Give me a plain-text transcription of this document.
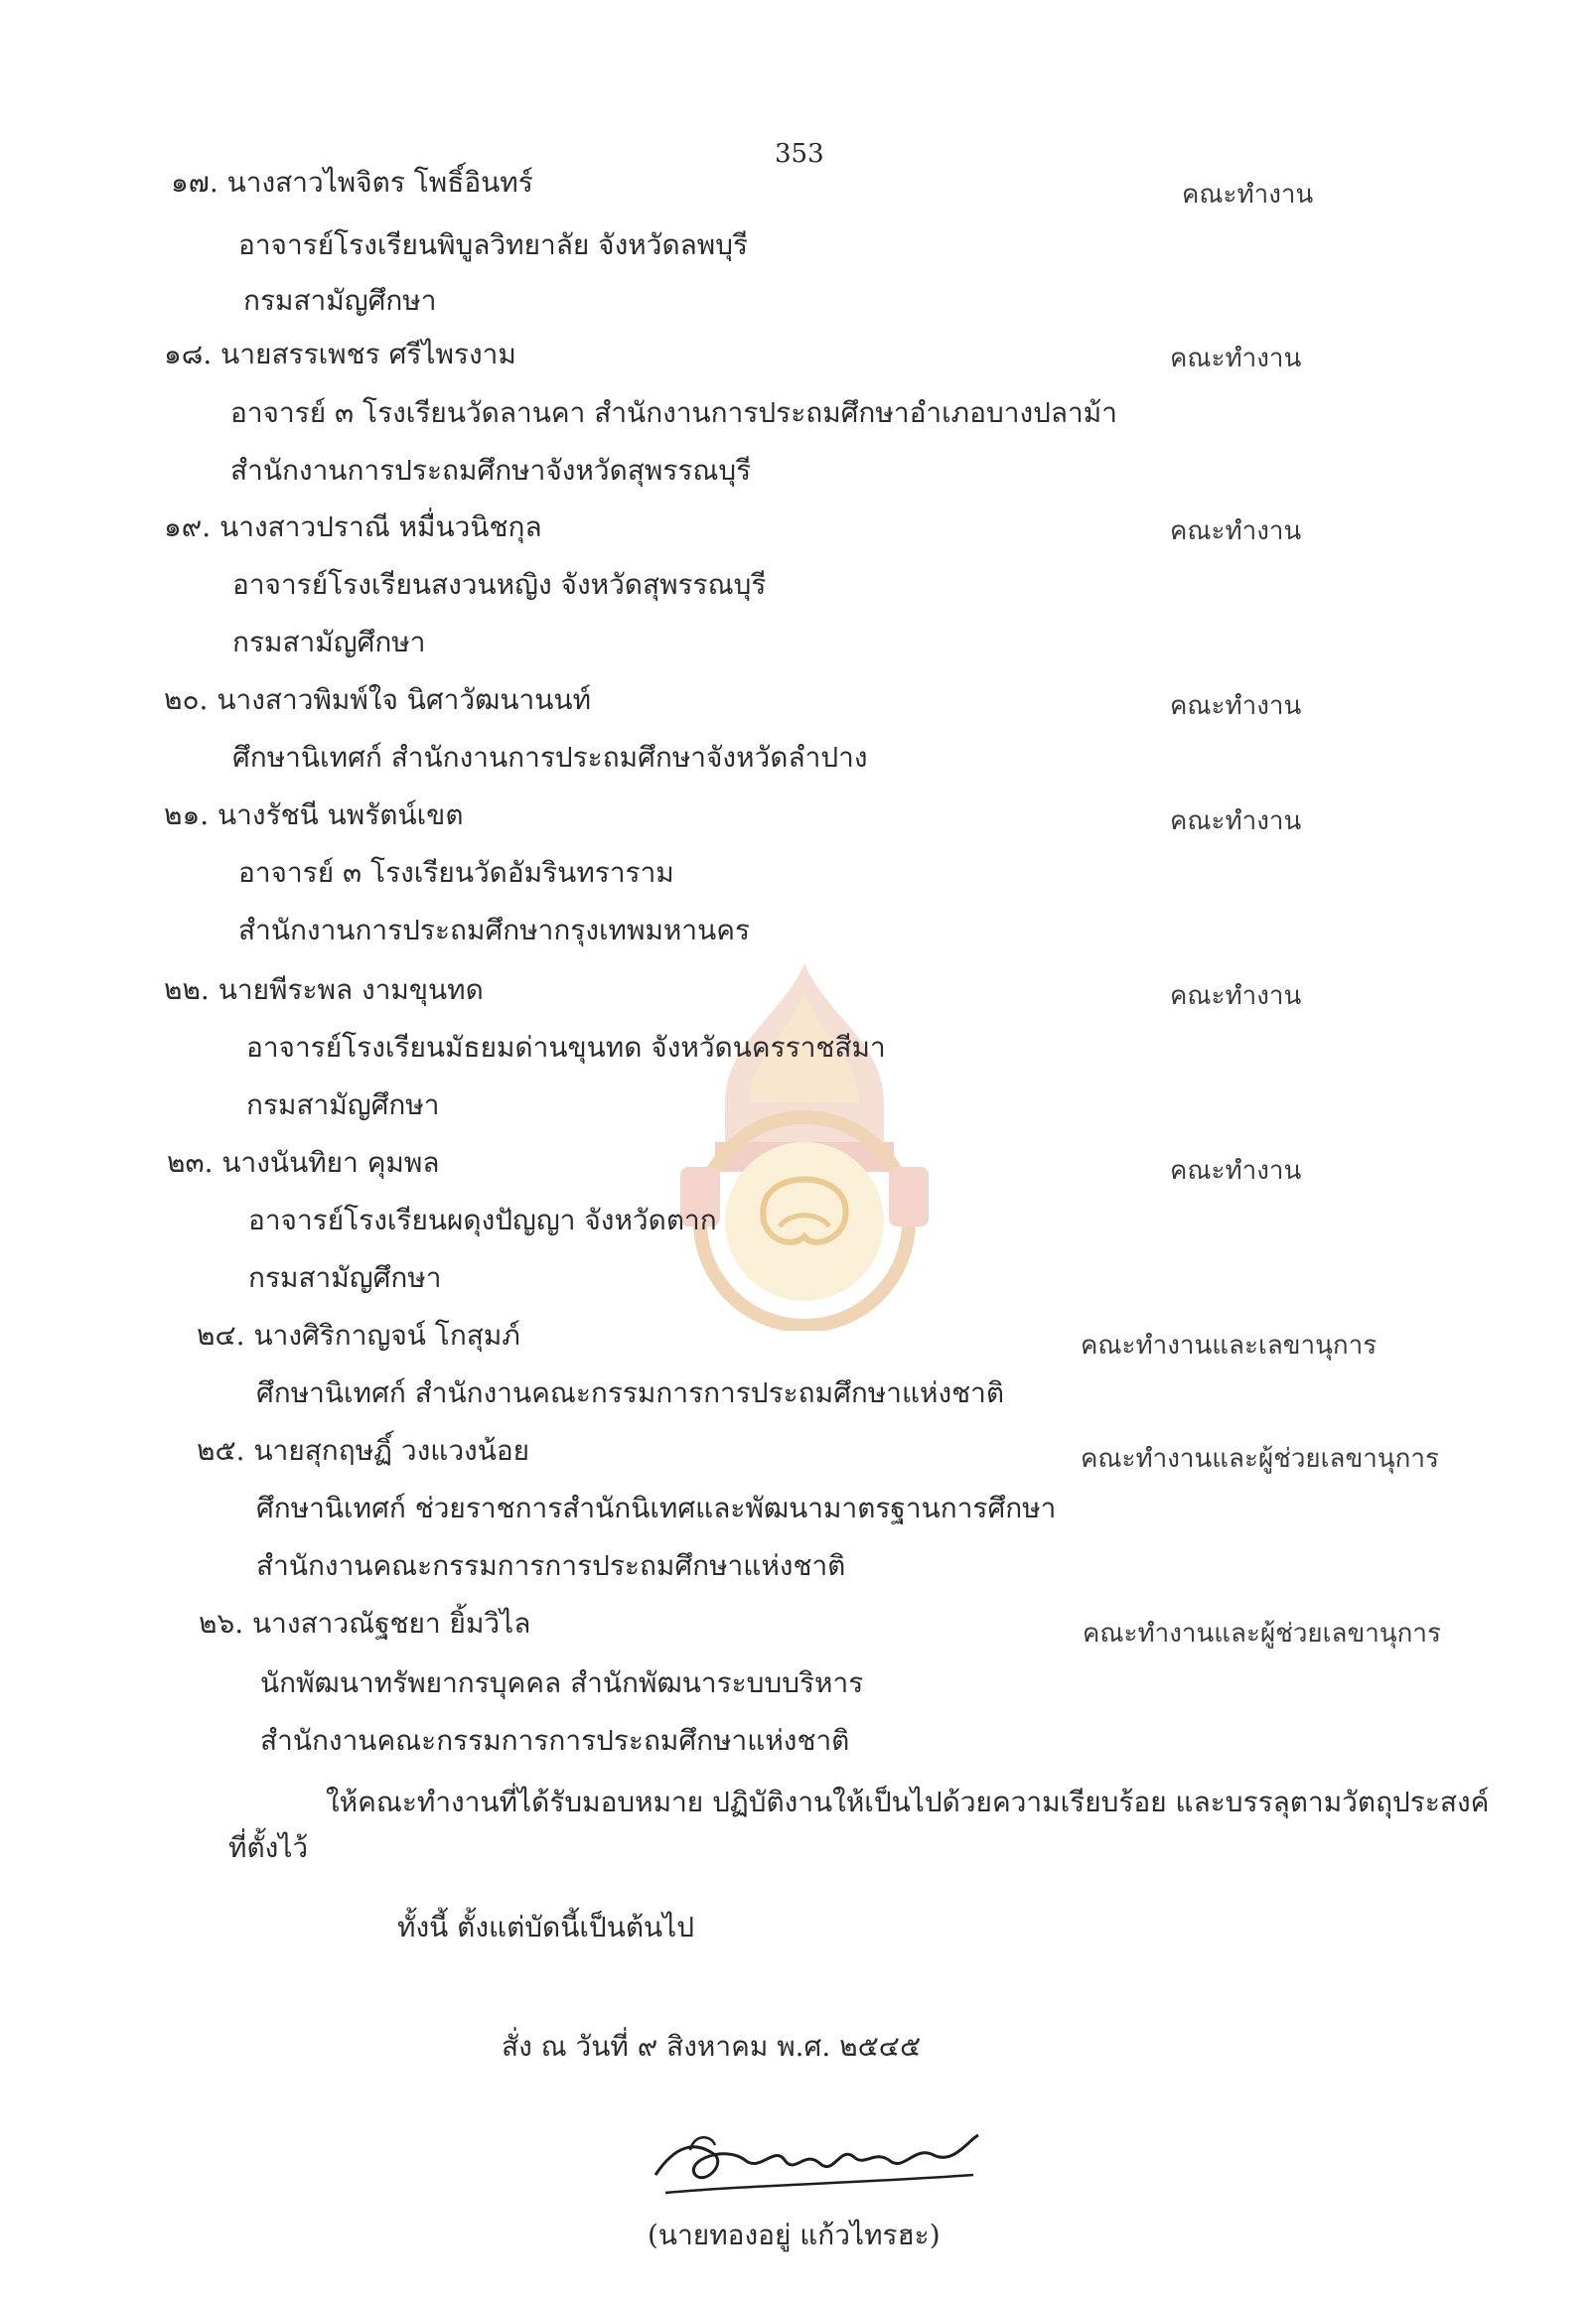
353
๑๗. นางสาวไพจิตร โพธิ์อินทร์	คณะทำงาน
อาจารย์โรงเรียนพิบูลวิทยาลัย จังหวัดลพบุรี
กรมสามัญศึกษา
๑๘. นายสรรเพชร ศรีไพรงาม	คณะทำงาน
อาจารย์ ๓ โรงเรียนวัดลานคา สำนักงานการประถมศึกษาอำเภอบางปลาม้า
สำนักงานการประถมศึกษาจังหวัดสุพรรณบุรี
๑๙. นางสาวปราณี หมื่นวนิชกุล	คณะทำงาน
อาจารย์โรงเรียนสงวนหญิง จังหวัดสุพรรณบุรี
กรมสามัญศึกษา
๒๐. นางสาวพิมพ์ใจ นิศาวัฒนานนท์	คณะทำงาน
ศึกษานิเทศก์ สำนักงานการประถมศึกษาจังหวัดลำปาง
๒๑. นางรัชนี นพรัตน์เขต	คณะทำงาน
อาจารย์ ๓ โรงเรียนวัดอัมรินทราราม
สำนักงานการประถมศึกษากรุงเทพมหานคร
๒๒. นายพีระพล งามขุนทด	คณะทำงาน
อาจารย์โรงเรียนมัธยมด่านขุนทด จังหวัดนครราชสีมา
กรมสามัญศึกษา
๒๓. นางนันทิยา คุมพล	คณะทำงาน
อาจารย์โรงเรียนผดุงปัญญา จังหวัดตาก
กรมสามัญศึกษา
๒๔. นางศิริกาญจน์ โกสุมภ์	คณะทำงานและเลขานุการ
ศึกษานิเทศก์ สำนักงานคณะกรรมการการประถมศึกษาแห่งชาติ
๒๕. นายสุกฤษฏิ์ วงแวงน้อย	คณะทำงานและผู้ช่วยเลขานุการ
ศึกษานิเทศก์ ช่วยราชการสำนักนิเทศและพัฒนามาตรฐานการศึกษา
สำนักงานคณะกรรมการการประถมศึกษาแห่งชาติ
๒๖. นางสาวณัฐชยา ยิ้มวิไล	คณะทำงานและผู้ช่วยเลขานุการ
นักพัฒนาทรัพยากรบุคคล สำนักพัฒนาระบบบริหาร
สำนักงานคณะกรรมการการประถมศึกษาแห่งชาติ
ให้คณะทำงานที่ได้รับมอบหมาย ปฏิบัติงานให้เป็นไปด้วยความเรียบร้อย และบรรลุตามวัตถุประสงค์
ที่ตั้งไว้
ทั้งนี้ ตั้งแต่บัดนี้เป็นต้นไป
สั่ง ณ วันที่ ๙ สิงหาคม พ.ศ. ๒๕๔๕
(นายทองอยู่ แก้วไทรฮะ)
